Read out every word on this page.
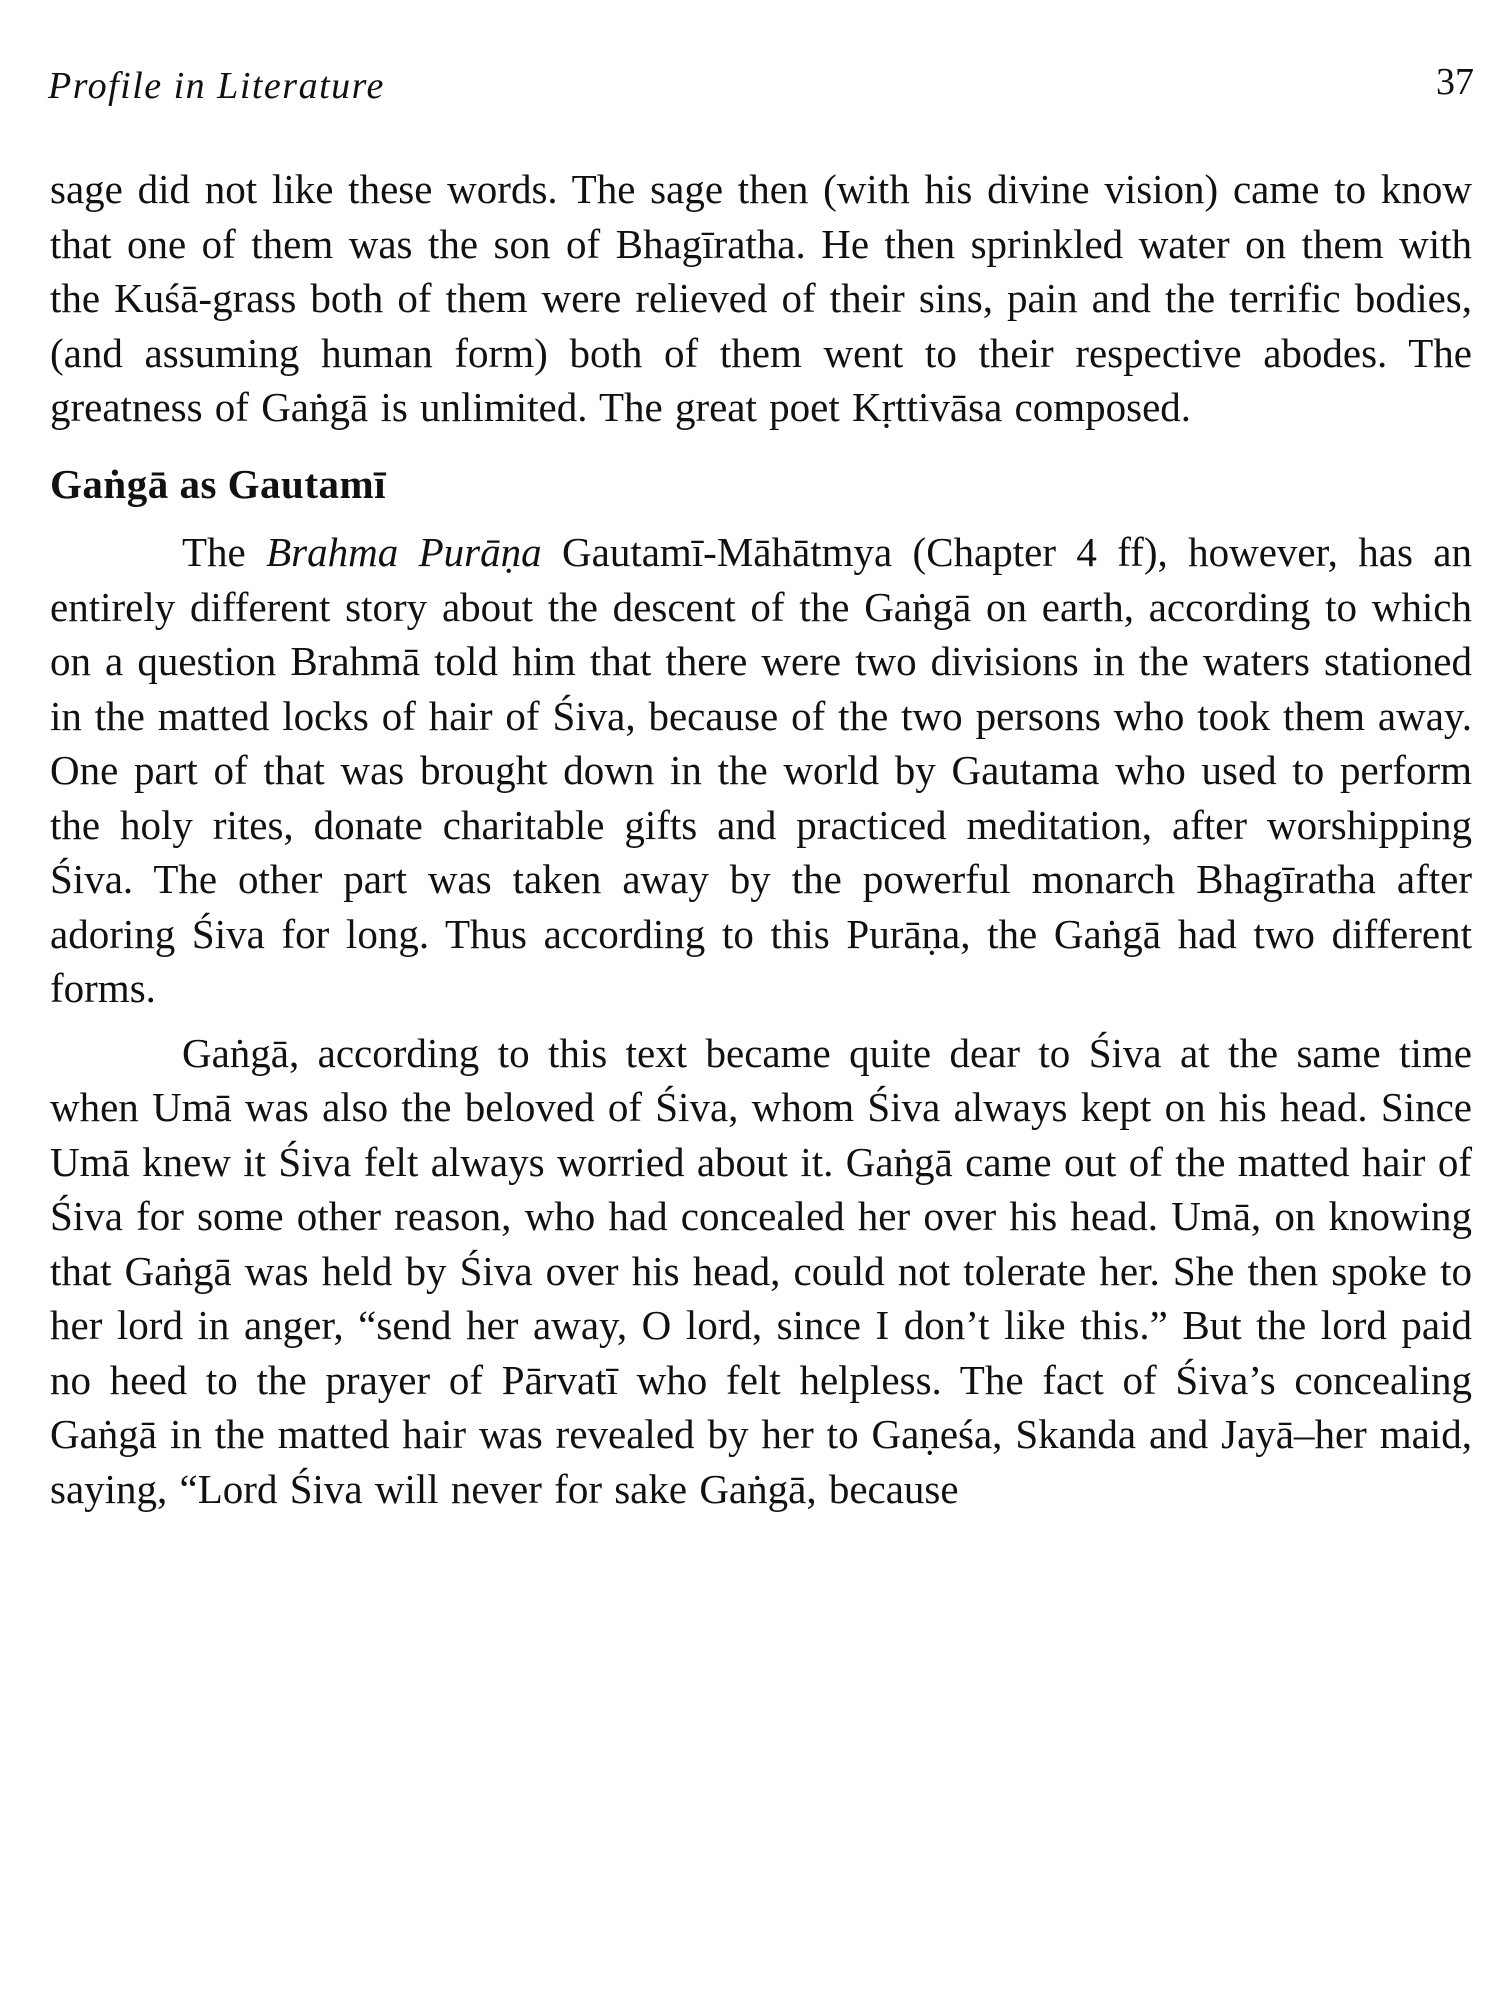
Profile in Literature	37

sage did not like these words. The sage then (with his divine vision) came to know that one of them was the son of Bhagīratha. He then sprinkled water on them with the Kuśā-grass both of them were relieved of their sins, pain and the terrific bodies, (and assuming human form) both of them went to their respective abodes. The greatness of Gaṅgā is unlimited. The great poet Kṛttivāsa composed.

Gaṅgā as Gautamī

The Brahma Purāṇa Gautamī-Māhātmya (Chapter 4 ff), however, has an entirely different story about the descent of the Gaṅgā on earth, according to which on a question Brahmā told him that there were two divisions in the waters stationed in the matted locks of hair of Śiva, because of the two persons who took them away. One part of that was brought down in the world by Gautama who used to perform the holy rites, donate charitable gifts and practiced meditation, after worshipping Śiva. The other part was taken away by the powerful monarch Bhagīratha after adoring Śiva for long. Thus according to this Purāṇa, the Gaṅgā had two different forms.

Gaṅgā, according to this text became quite dear to Śiva at the same time when Umā was also the beloved of Śiva, whom Śiva always kept on his head. Since Umā knew it Śiva felt always worried about it. Gaṅgā came out of the matted hair of Śiva for some other reason, who had concealed her over his head. Umā, on knowing that Gaṅgā was held by Śiva over his head, could not tolerate her. She then spoke to her lord in anger, “send her away, O lord, since I don’t like this.” But the lord paid no heed to the prayer of Pārvatī who felt helpless. The fact of Śiva’s concealing Gaṅgā in the matted hair was revealed by her to Gaṇeśa, Skanda and Jayā–her maid, saying, “Lord Śiva will never for sake Gaṅgā, because
